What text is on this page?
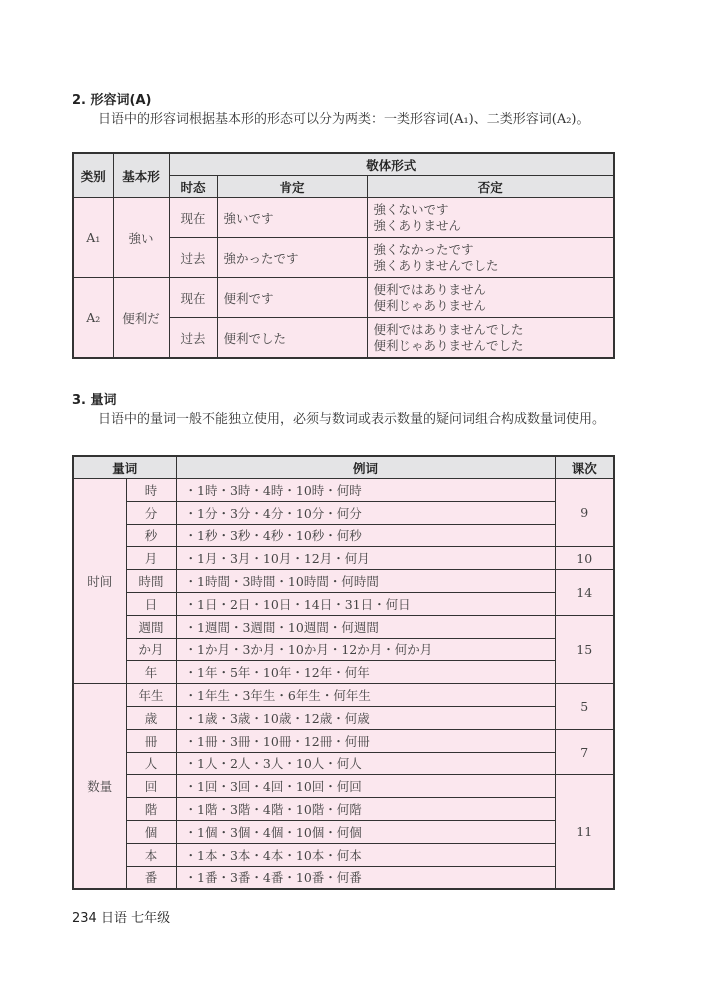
2. 形容词(A)
日语中的形容词根据基本形的形态可以分为两类：一类形容词(A₁)、二类形容词(A₂)。
类别	基本形	敬体形式		
		时态	肯定	否定
A₁	強い	现在	強いです	強くないです
強くありません

		过去	強かったです	強くなかったです
強くありませんでした

A₂	便利だ	现在	便利です	便利ではありません
便利じゃありません

		过去	便利でした	便利ではありませんでした
便利じゃありませんでした
3. 量词
日语中的量词一般不能独立使用，必须与数词或表示数量的疑问词组合构成数量词使用。
量词		例词	课次
时间	時	・1時・3時・4時・10時・何時	9
	分	・1分・3分・4分・10分・何分	
	秒	・1秒・3秒・4秒・10秒・何秒	
	月	・1月・3月・10月・12月・何月	10
	時間	・1時間・3時間・10時間・何時間	14
	日	・1日・2日・10日・14日・31日・何日	
	週間	・1週間・3週間・10週間・何週間	15
	か月	・1か月・3か月・10か月・12か月・何か月	
	年	・1年・5年・10年・12年・何年	
数量	年生	・1年生・3年生・6年生・何年生	5
	歳	・1歳・3歳・10歳・12歳・何歳	
	冊	・1冊・3冊・10冊・12冊・何冊	7
	人	・1人・2人・3人・10人・何人	
	回	・1回・3回・4回・10回・何回	11
	階	・1階・3階・4階・10階・何階	
	個	・1個・3個・4個・10個・何個	
	本	・1本・3本・4本・10本・何本	
	番	・1番・3番・4番・10番・何番	
234 日语 七年级
